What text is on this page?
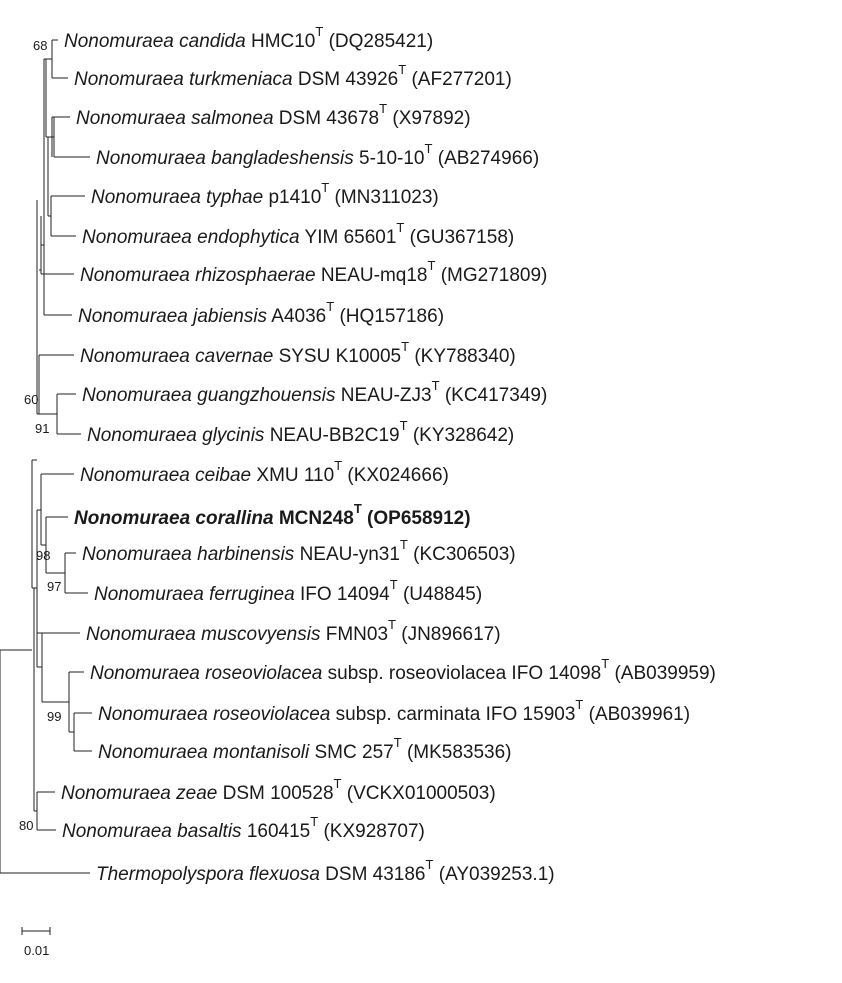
Nonomuraea candida $HMC10^T$ (DQ285421)
Nonomuraea turkmeniaca DSM $43926^T$ (AF277201)
Nonomuraea salmonea DSM $43678^T$ (X97892)
Nonomuraea bangladeshensis $5-10-10^T$ (AB274966)
Nonomuraea typhae $p1410^T$ (MN311023)
Nonomuraea endophytica YIM $65601^T$ (GU367158)
Nonomuraea rhizosphaerae NEAU-$mq18^T$ (MG271809)
Nonomuraea jabiensis $A4036^T$ (HQ157186)
Nonomuraea cavernae SYSU $K10005^T$ (KY788340)
Nonomuraea guangzhouensis NEAU-$ZJ3^T$ (KC417349)
Nonomuraea glycinis NEAU-$BB2C19^T$ (KY328642)
Nonomuraea ceibae XMU $110^T$ (KX024666)
Nonomuraea corallina $MCN248^T$ (OP658912)
Nonomuraea harbinensis NEAU-$yn31^T$ (KC306503)
Nonomuraea ferruginea IFO $14094^T$ (U48845)
Nonomuraea muscovyensis $FMN03^T$ (JN896617)
Nonomuraea roseoviolacea subsp. roseoviolacea IFO $14098^T$ (AB039959)
Nonomuraea roseoviolacea subsp. carminata IFO $15903^T$ (AB039961)
Nonomuraea montanisoli SMC $257^T$ (MK583536)
Nonomuraea zeae DSM $100528^T$ (VCKX01000503)
Nonomuraea basaltis $160415^T$ (KX928707)
Thermopolyspora flexuosa DSM $43186^T$ (AY039253.1)
68
60
91
98
97
99
80
0.01
